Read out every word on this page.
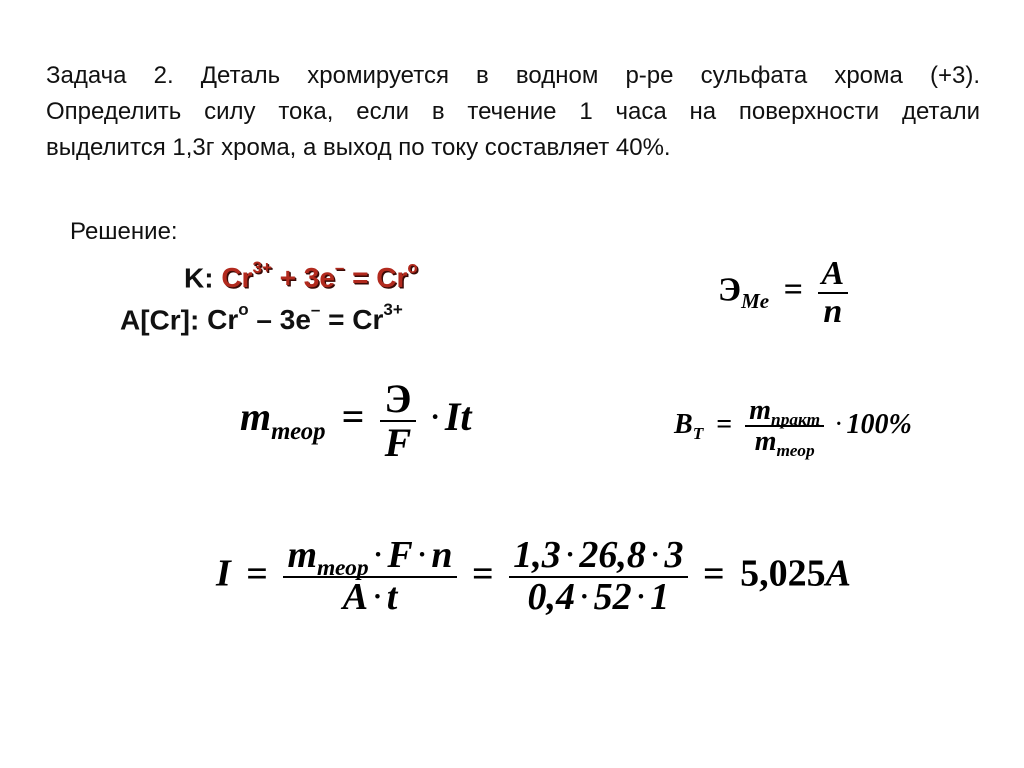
Задача 2. Деталь хромируется в водном р-ре сульфата хрома (+3).
Определить силу тока, если в течение 1 часа на поверхности детали
выделится 1,3г хрома, а выход по току составляет 40%.
Решение:
K: $Cr^{3+} + 3e^- = Cr^o$
A[Cr]: $Cr^o - 3e^- = Cr^{3+}$
$Э_{Me} = \frac{A}{n}$
$m_{теор} = \frac{Э}{F} \cdot It$	$B_T = \frac{m_{практ}}{m_{теор}} \cdot 100\%$
$I = \frac{m_{теор}\cdot F\cdot n}{A\cdot t} = \frac{1,3\cdot 26,8\cdot 3}{0,4\cdot 52\cdot 1} = 5,025A$
